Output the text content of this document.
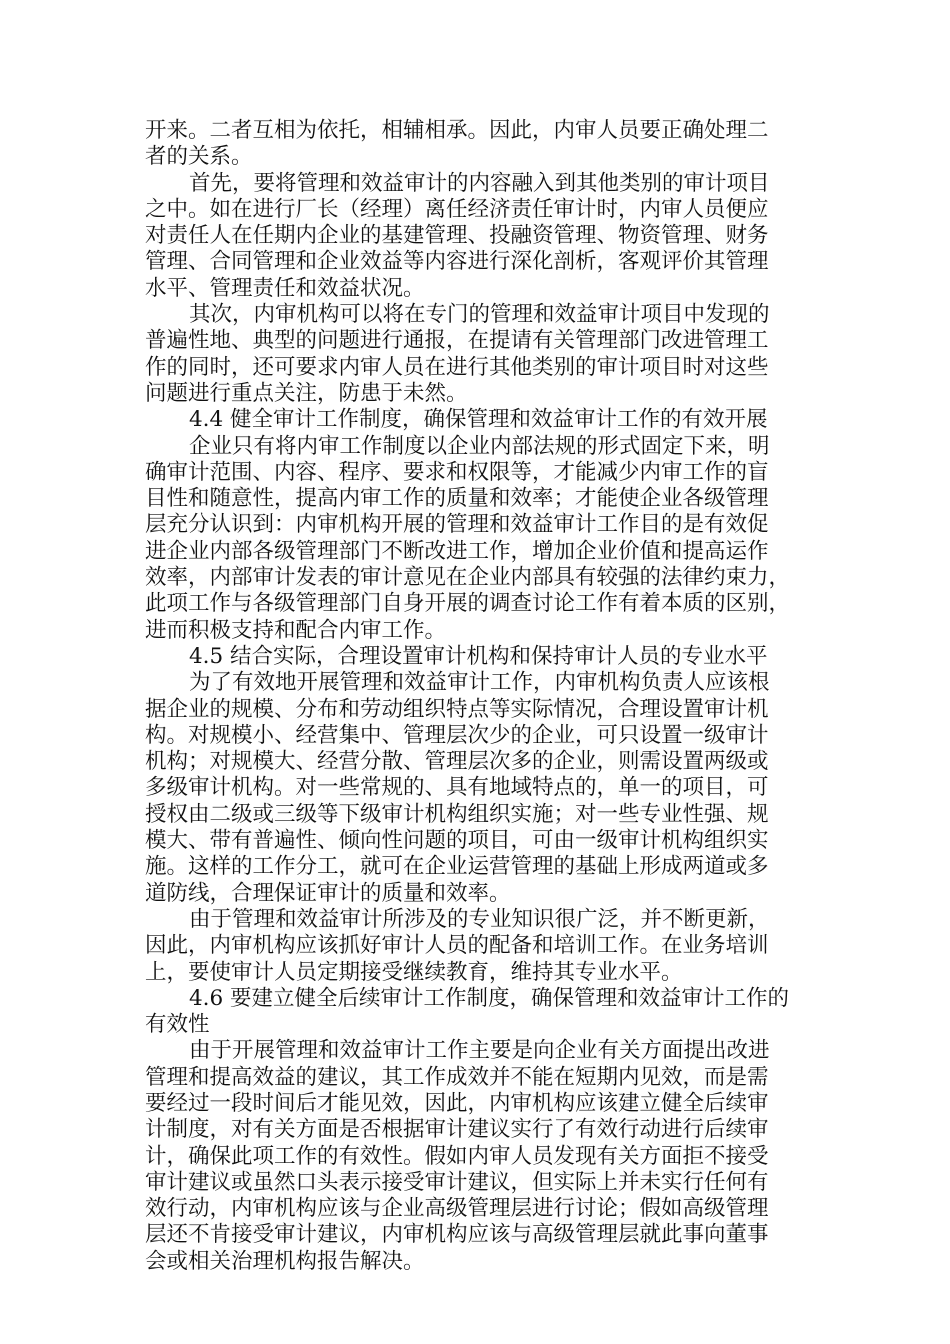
开来。二者互相为依托，相辅相承。因此，内审人员要正确处理二
者的关系。
首先，要将管理和效益审计的内容融入到其他类别的审计项目
之中。如在进行厂长（经理）离任经济责任审计时，内审人员便应
对责任人在任期内企业的基建管理、投融资管理、物资管理、财务
管理、合同管理和企业效益等内容进行深化剖析，客观评价其管理
水平、管理责任和效益状况。
其次，内审机构可以将在专门的管理和效益审计项目中发现的
普遍性地、典型的问题进行通报，在提请有关管理部门改进管理工
作的同时，还可要求内审人员在进行其他类别的审计项目时对这些
问题进行重点关注，防患于未然。
4.4 健全审计工作制度，确保管理和效益审计工作的有效开展
企业只有将内审工作制度以企业内部法规的形式固定下来，明
确审计范围、内容、程序、要求和权限等，才能减少内审工作的盲
目性和随意性，提高内审工作的质量和效率；才能使企业各级管理
层充分认识到：内审机构开展的管理和效益审计工作目的是有效促
进企业内部各级管理部门不断改进工作，增加企业价值和提高运作
效率，内部审计发表的审计意见在企业内部具有较强的法律约束力，
此项工作与各级管理部门自身开展的调查讨论工作有着本质的区别，
进而积极支持和配合内审工作。
4.5 结合实际，合理设置审计机构和保持审计人员的专业水平
为了有效地开展管理和效益审计工作，内审机构负责人应该根
据企业的规模、分布和劳动组织特点等实际情况，合理设置审计机
构。对规模小、经营集中、管理层次少的企业，可只设置一级审计
机构；对规模大、经营分散、管理层次多的企业，则需设置两级或
多级审计机构。对一些常规的、具有地域特点的，单一的项目，可
授权由二级或三级等下级审计机构组织实施；对一些专业性强、规
模大、带有普遍性、倾向性问题的项目，可由一级审计机构组织实
施。这样的工作分工，就可在企业运营管理的基础上形成两道或多
道防线，合理保证审计的质量和效率。
由于管理和效益审计所涉及的专业知识很广泛，并不断更新，
因此，内审机构应该抓好审计人员的配备和培训工作。在业务培训
上，要使审计人员定期接受继续教育，维持其专业水平。
4.6 要建立健全后续审计工作制度，确保管理和效益审计工作的
有效性
由于开展管理和效益审计工作主要是向企业有关方面提出改进
管理和提高效益的建议，其工作成效并不能在短期内见效，而是需
要经过一段时间后才能见效，因此，内审机构应该建立健全后续审
计制度，对有关方面是否根据审计建议实行了有效行动进行后续审
计，确保此项工作的有效性。假如内审人员发现有关方面拒不接受
审计建议或虽然口头表示接受审计建议，但实际上并未实行任何有
效行动，内审机构应该与企业高级管理层进行讨论；假如高级管理
层还不肯接受审计建议，内审机构应该与高级管理层就此事向董事
会或相关治理机构报告解决。
